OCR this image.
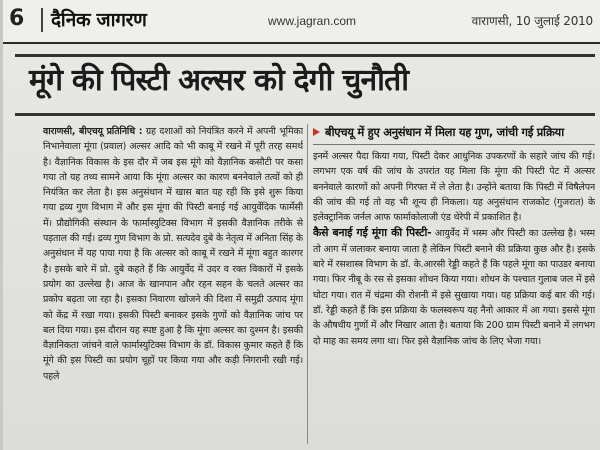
6 दैनिक जागरण	www.jagran.com	वाराणसी, 10 जुलाई 2010
मूंगे की पिस्टी अल्सर को देगी चुनौती

वाराणसी, बीएचयू प्रतिनिधि : ग्रह दशाओं को नियंत्रित करने में अपनी भूमिका निभानेवाला मूंगा (प्रवाल) अल्सर आदि को भी काबू में रखने में पूरी तरह समर्थ है। वैज्ञानिक विकास के इस दौर में जब इस मूंगे को वैज्ञानिक कसौटी पर कसा गया तो यह तथ्य सामने आया कि मूंगा अल्सर का कारण बननेवाले तत्वों को ही नियंत्रित कर लेता है। इस अनुसंधान में खास बात यह रही कि इसे शुरू किया गया द्रव्य गुण विभाग में और इस मूंगा की पिस्टी बनाई गई आयुर्वेदिक फार्मेसी में। प्रौद्योगिकी संस्थान के फार्मास्युटिक्स विभाग में इसकी वैज्ञानिक तरीके से पड़ताल की गई। द्रव्य गुण विभाग के प्रो. सत्यदेव दुबे के नेतृत्व में अनिता सिंह के अनुसंधान में यह पाया गया है कि अल्सर को काबू में रखने में मूंगा बहुत कारगर है। इसके बारे में प्रो. दुबे कहते हैं कि आयुर्वेद में उदर व रक्त विकारों में इसके प्रयोग का उल्लेख है। आज के खानपान और रहन सहन के चलते अल्सर का प्रकोप बढ़ता जा रहा है। इसका निवारण खोजने की दिशा में समुद्री उत्पाद मूंगा को केंद्र में रखा गया। इसकी पिस्टी बनाकर इसके गुणों को वैज्ञानिक जांच पर बल दिया गया। इस दौरान यह स्पष्ट हुआ है कि मूंगा अल्सर का दुश्मन है। इसकी वैज्ञानिकता जांचने वाले फार्मास्युटिक्स विभाग के डॉ. विकास कुमार कहते हैं कि मूंगे की इस पिस्टी का प्रयोग चूहों पर किया गया और कड़ी निगरानी रखी गई। पहले

बीएचयू में हुए अनुसंधान में मिला यह गुण, जांची गई प्रक्रिया

इनमें अल्सर पैदा किया गया, पिस्टी देकर आधुनिक उपकरणों के सहारे जांच की गई। लगभग एक वर्ष की जांच के उपरांत यह मिला कि मूंगा की पिस्टी पेट में अल्सर बननेवाले कारणों को अपनी गिरफ्त में ले लेता है। उन्होंने बताया कि पिस्टी में विषैलेपन की जांच की गई तो वह भी शून्य ही निकला। यह अनुसंधान राजकोट (गुजरात) के इलेक्ट्रानिक जर्नल आफ फार्माकोलाजी एंड थेरेपी में प्रकाशित है।

कैसे बनाई गई मूंगा की पिस्टी- आयुर्वेद में भस्म और पिस्टी का उल्लेख है। भस्म तो आग में जलाकर बनाया जाता है लेकिन पिस्टी बनाने की प्रक्रिया कुछ और है। इसके बारे में रसशास्त्र विभाग के डॉ. के.आरसी रेड्डी कहते हैं कि पहले मूंगा का पाउडर बनाया गया। फिर नीबू के रस से इसका शोधन किया गया। शोधन के पश्चात गुलाब जल में इसे घोटा गया। रात में चंद्रमा की रोशनी में इसे सुखाया गया। यह प्रक्रिया कई बार की गई। डॉ. रेड्डी कहते हैं कि इस प्रक्रिया के फलस्वरूप यह नैनो आकार में आ गया। इससे मूंगा के औषधीय गुणों में और निखार आता है। बताया कि 200 ग्राम पिस्टी बनाने में लगभग दो माह का समय लगा था। फिर इसे वैज्ञानिक जांच के लिए भेजा गया।
